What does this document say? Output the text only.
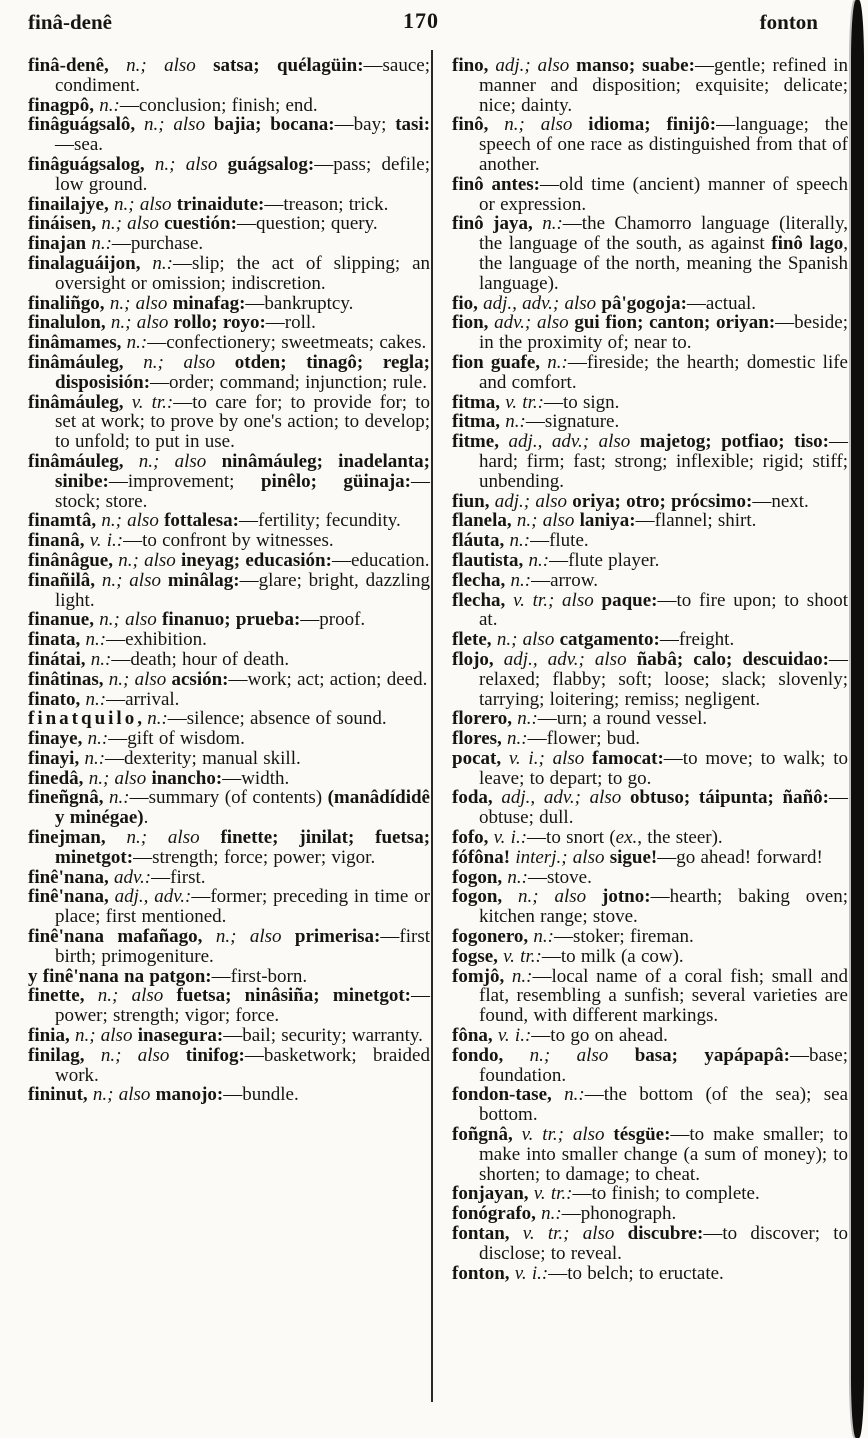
finâ-denê	170	fonton

finâ-denê, n.; also satsa; quélagüin:—sauce; condiment.

finagpô, n.:—conclusion; finish; end.

finâguágsalô, n.; also bajia; bocana:—bay; tasi:—sea.

finâguágsalog, n.; also guágsalog:—pass; defile; low ground.

finailajye, n.; also trinaidute:—treason; trick.

fináisen, n.; also cuestión:—question; query.

finajan n.:—purchase.

finalaguáijon, n.:—slip; the act of slipping; an oversight or omission; indiscretion.

finaliñgo, n.; also minafag:—bankruptcy.

finalulon, n.; also rollo; royo:—roll.

finâmames, n.:—confectionery; sweetmeats; cakes.

finâmáuleg, n.; also otden; tinagô; regla; disposisión:—order; command; injunction; rule.

finâmáuleg, v. tr.:—to care for; to provide for; to set at work; to prove by one's action; to develop; to unfold; to put in use.

finâmáuleg, n.; also ninâmáuleg; inadelanta; sinibe:—improvement; pinêlo; güinaja:—stock; store.

finamtâ, n.; also fottalesa:—fertility; fecundity.

finanâ, v. i.:—to confront by witnesses.

finânâgue, n.; also ineyag; educasión:—education.

finañilâ, n.; also minâlag:—glare; bright, dazzling light.

finanue, n.; also finanuo; prueba:—proof.

finata, n.:—exhibition.

finátai, n.:—death; hour of death.

finâtinas, n.; also acsión:—work; act; action; deed.

finato, n.:—arrival.

finatquilo, n.:—silence; absence of sound.

finaye, n.:—gift of wisdom.

finayi, n.:—dexterity; manual skill.

finedâ, n.; also inancho:—width.

fineñgnâ, n.:—summary (of contents) (manâdídidê y minégae).

finejman, n.; also finette; jinilat; fuetsa; minetgot:—strength; force; power; vigor.

finê'nana, adv.:—first.

finê'nana, adj., adv.:—former; preceding in time or place; first mentioned.

finê'nana mafañago, n.; also primerisa:—first birth; primogeniture.

y finê'nana na patgon:—first-born.

finette, n.; also fuetsa; ninâsiña; minetgot:—power; strength; vigor; force.

finia, n.; also inasegura:—bail; security; warranty.

finilag, n.; also tinifog:—basketwork; braided work.

fininut, n.; also manojo:—bundle.

fino, adj.; also manso; suabe:—gentle; refined in manner and disposition; exquisite; delicate; nice; dainty.

finô, n.; also idioma; finijô:—language; the speech of one race as distinguished from that of another.

finô antes:—old time (ancient) manner of speech or expression.

finô jaya, n.:—the Chamorro language (literally, the language of the south, as against finô lago, the language of the north, meaning the Spanish language).

fio, adj., adv.; also pâ'gogoja:—actual.

fion, adv.; also gui fion; canton; oriyan:—beside; in the proximity of; near to.

fion guafe, n.:—fireside; the hearth; domestic life and comfort.

fitma, v. tr.:—to sign.

fitma, n.:—signature.

fitme, adj., adv.; also majetog; potfiao; tiso:—hard; firm; fast; strong; inflexible; rigid; stiff; unbending.

fiun, adj.; also oriya; otro; prócsimo:—next.

flanela, n.; also laniya:—flannel; shirt.

fláuta, n.:—flute.

flautista, n.:—flute player.

flecha, n.:—arrow.

flecha, v. tr.; also paque:—to fire upon; to shoot at.

flete, n.; also catgamento:—freight.

flojo, adj., adv.; also ñabâ; calo; descuidao:—relaxed; flabby; soft; loose; slack; slovenly; tarrying; loitering; remiss; negligent.

florero, n.:—urn; a round vessel.

flores, n.:—flower; bud.

pocat, v. i.; also famocat:—to move; to walk; to leave; to depart; to go.

foda, adj., adv.; also obtuso; táipunta; ñañô:—obtuse; dull.

fofo, v. i.:—to snort (ex., the steer).

fófôna! interj.; also sigue!—go ahead! forward!

fogon, n.:—stove.

fogon, n.; also jotno:—hearth; baking oven; kitchen range; stove.

fogonero, n.:—stoker; fireman.

fogse, v. tr.:—to milk (a cow).

fomjô, n.:—local name of a coral fish; small and flat, resembling a sunfish; several varieties are found, with different markings.

fôna, v. i.:—to go on ahead.

fondo, n.; also basa; yapápapâ:—base; foundation.

fondon-tase, n.:—the bottom (of the sea); sea bottom.

foñgnâ, v. tr.; also tésgüe:—to make smaller; to make into smaller change (a sum of money); to shorten; to damage; to cheat.

fonjayan, v. tr.:—to finish; to complete.

fonógrafo, n.:—phonograph.

fontan, v. tr.; also discubre:—to discover; to disclose; to reveal.

fonton, v. i.:—to belch; to eructate.
